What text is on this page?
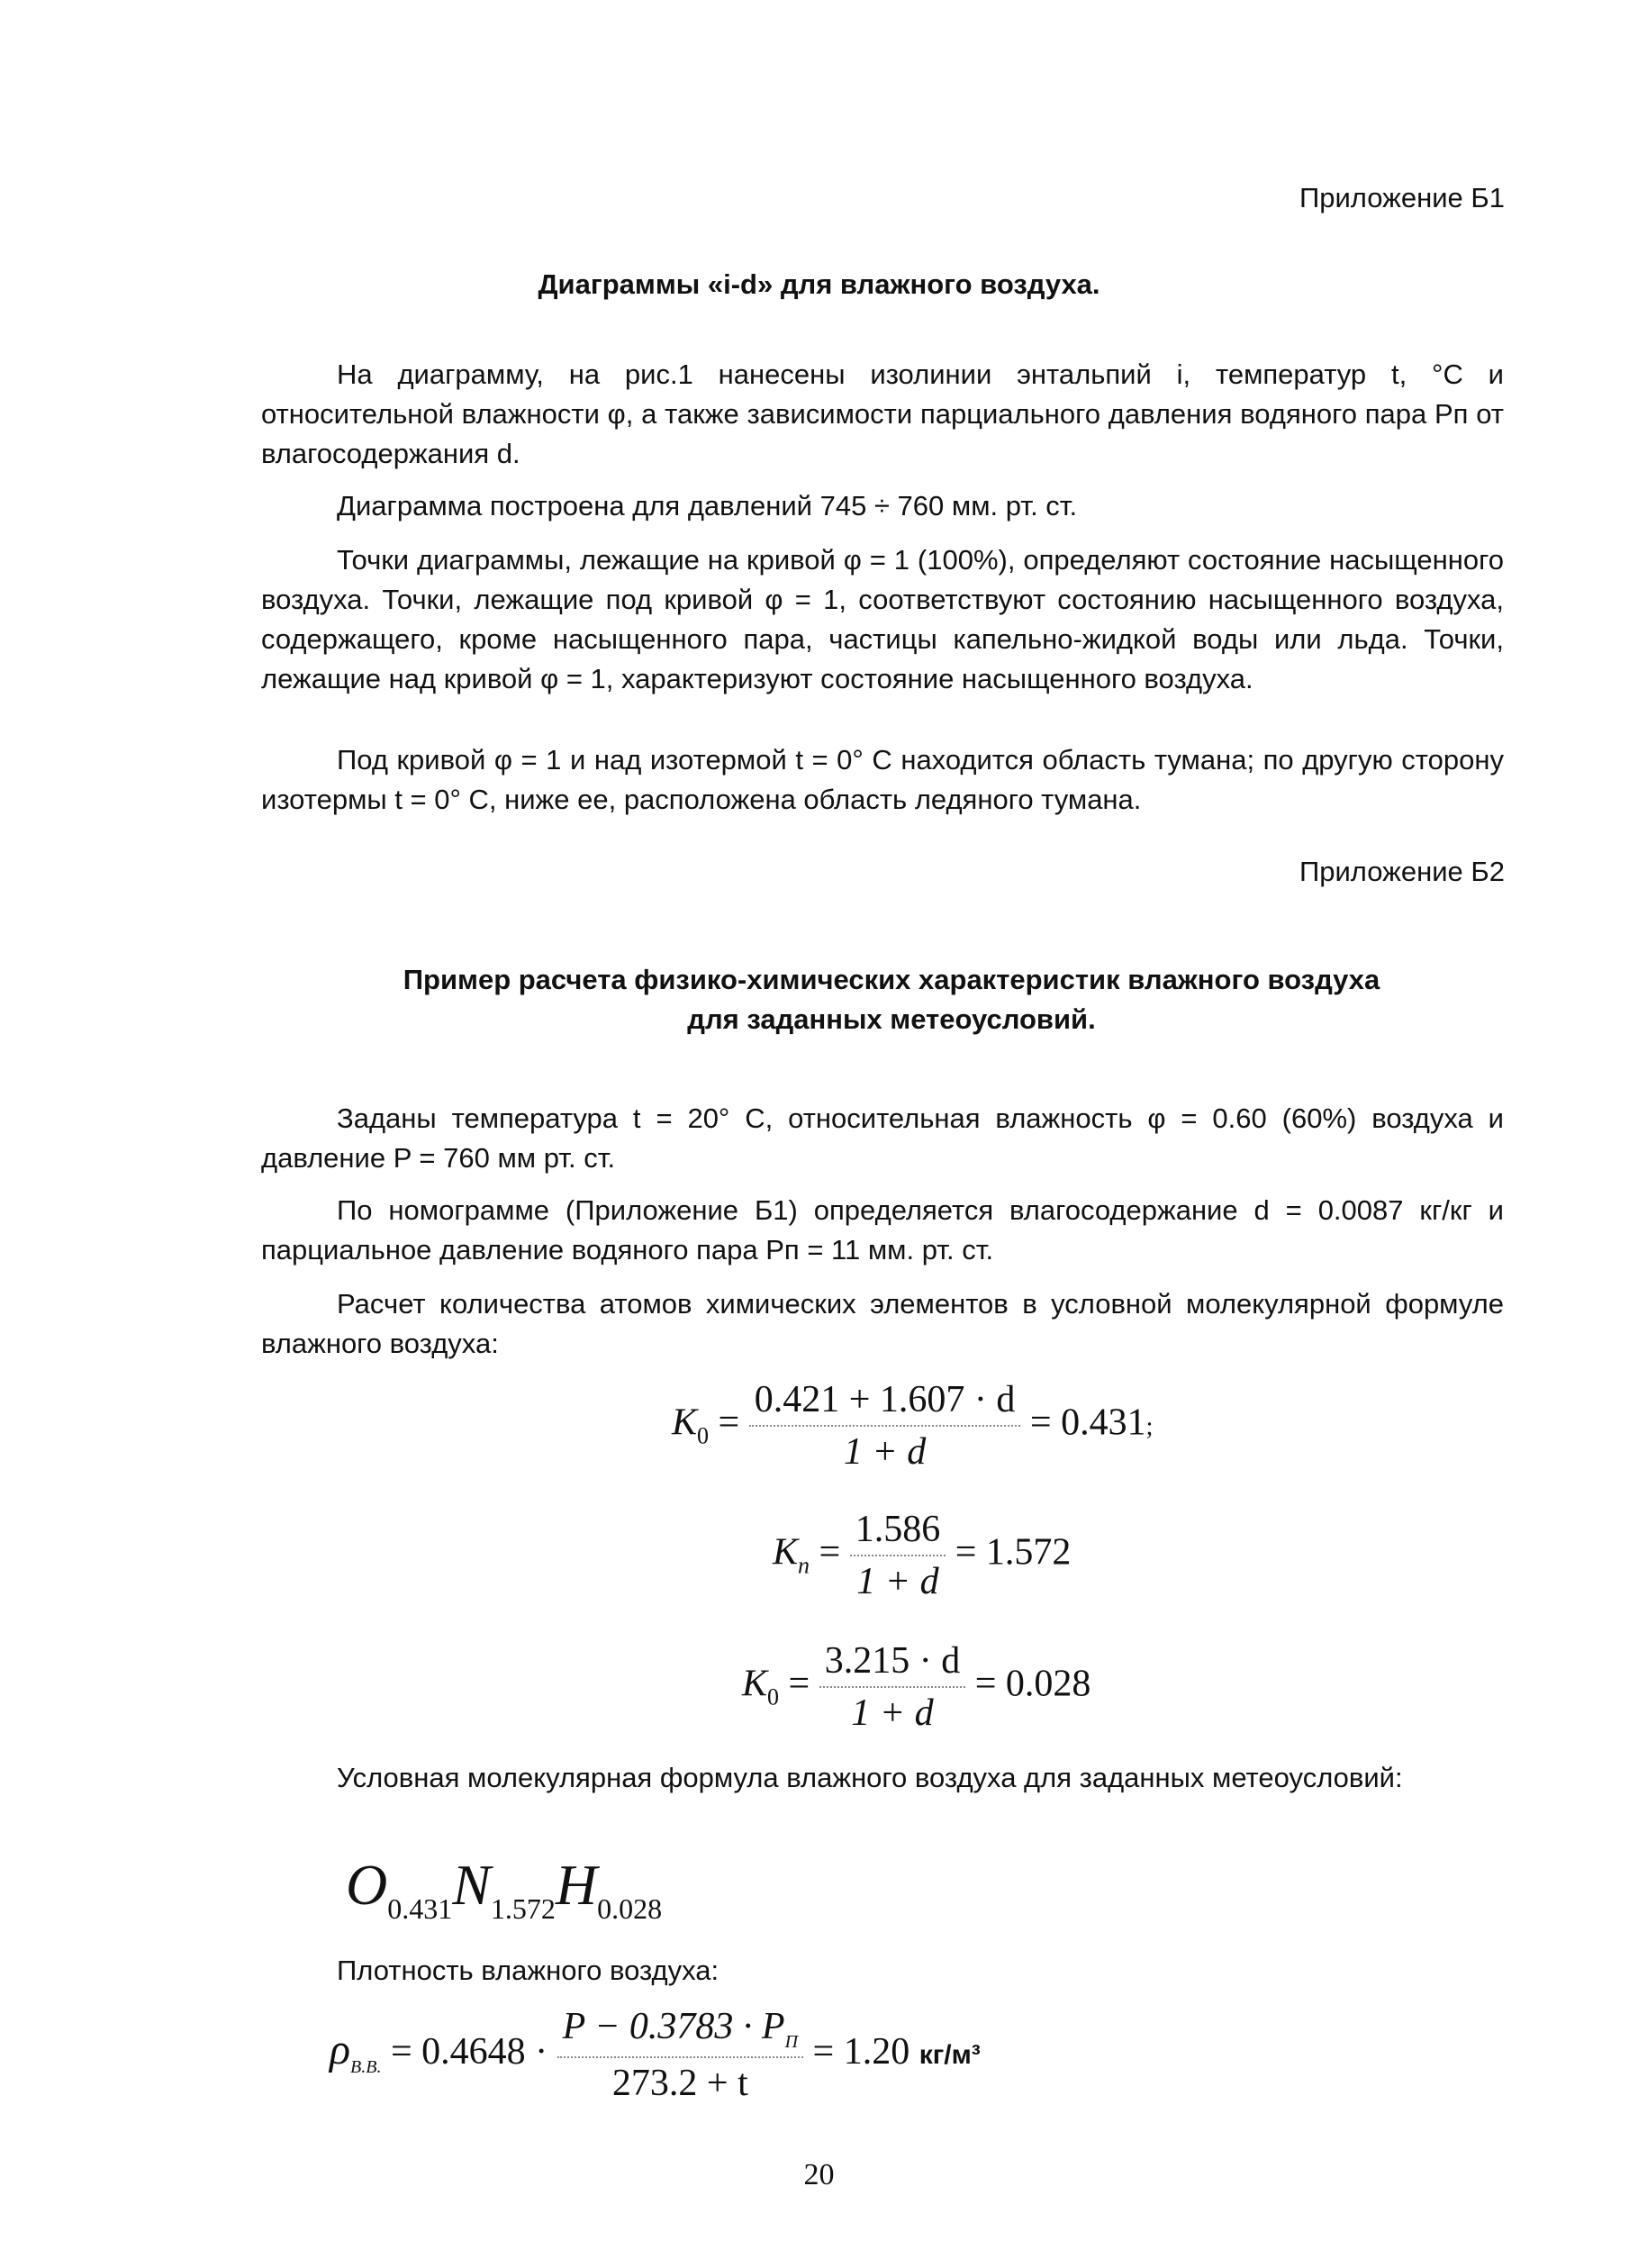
Приложение Б1
Диаграммы «i-d» для влажного воздуха.
На диаграмму, на рис.1 нанесены изолинии энтальпий i, температур t, °С и относительной влажности φ, а также зависимости парциального давления водяного пара Pп от влагосодержания d.
Диаграмма построена для давлений 745 ÷ 760 мм. рт. ст.
Точки диаграммы, лежащие на кривой φ = 1 (100%), определяют состояние насыщенного воздуха. Точки, лежащие под кривой φ = 1, соответствуют состоянию насыщенного воздуха, содержащего, кроме насыщенного пара, частицы капельно-жидкой воды или льда. Точки, лежащие над кривой φ = 1, характеризуют состояние насыщенного воздуха.
Под кривой φ = 1 и над изотермой t = 0° С находится область тумана; по другую сторону изотермы t = 0° С, ниже ее, расположена область ледяного тумана.
Приложение Б2
Пример расчета физико-химических характеристик влажного воздуха
для заданных метеоусловий.
Заданы температура t = 20° С, относительная влажность φ = 0.60 (60%) воздуха и давление P = 760 мм рт. ст.
По номограмме (Приложение Б1) определяется влагосодержание d = 0.0087 кг/кг и парциальное давление водяного пара Pп = 11 мм. рт. ст.
Расчет количества атомов химических элементов в условной молекулярной формуле влажного воздуха:
$K_0 = \frac{0.421 + 1.607 \cdot d}{1 + d} = 0.431$;
$K_n = \frac{1.586}{1 + d} = 1.572$
$K_0 = \frac{3.215 \cdot d}{1 + d} = 0.028$
Условная молекулярная формула влажного воздуха для заданных метеоусловий:
$O_{0.431}N_{1.572}H_{0.028}$
Плотность влажного воздуха:
$\rho_{В.В.} = 0.4648 \cdot \frac{P - 0.3783 \cdot P_П}{273.2 + t} = 1.20$ кг/м³
20
